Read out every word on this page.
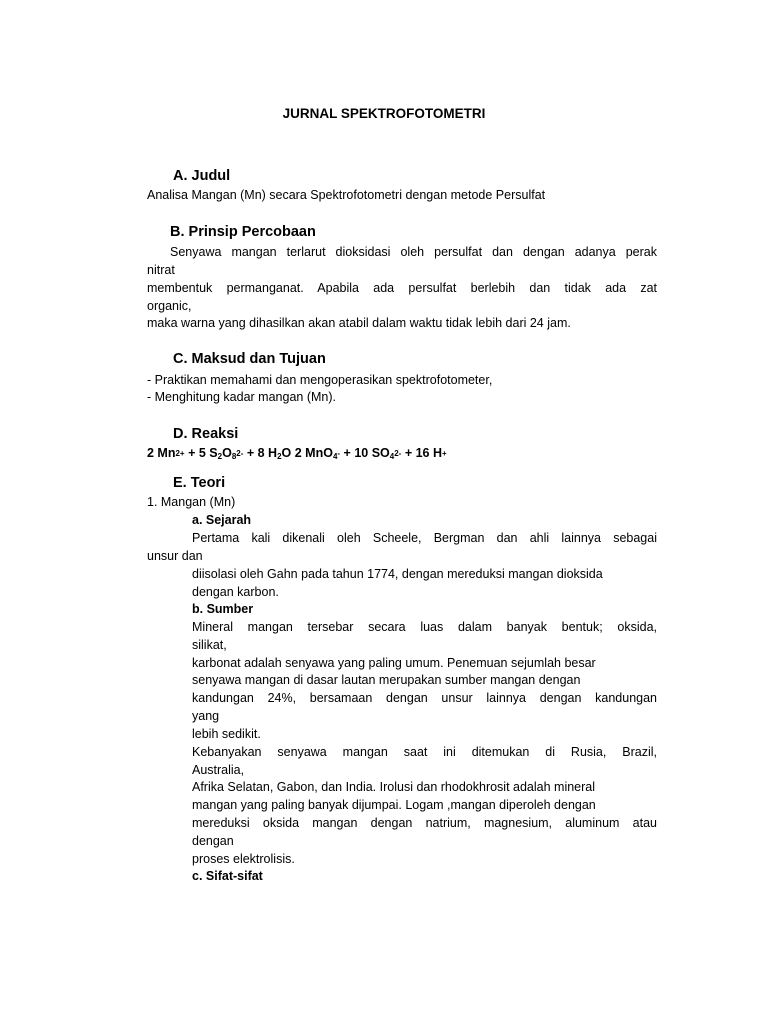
JURNAL SPEKTROFOTOMETRI
A. Judul
Analisa Mangan (Mn) secara Spektrofotometri dengan metode Persulfat
B. Prinsip Percobaan
Senyawa mangan terlarut dioksidasi oleh persulfat dan dengan adanya perak
nitrat
membentuk permanganat. Apabila ada persulfat berlebih dan tidak ada zat
organic,
maka warna yang dihasilkan akan atabil dalam waktu tidak lebih dari 24 jam.
C. Maksud dan Tujuan
- Praktikan memahami dan mengoperasikan spektrofotometer,
- Menghitung kadar mangan (Mn).
D. Reaksi
2 Mn2+ + 5 S2O82- + 8 H2O 2 MnO4- + 10 SO42- + 16 H+
E. Teori
1. Mangan (Mn)
a. Sejarah
Pertama kali dikenali oleh Scheele, Bergman dan ahli lainnya sebagai
unsur dan
diisolasi oleh Gahn pada tahun 1774, dengan mereduksi mangan dioksida
dengan karbon.
b. Sumber
Mineral mangan tersebar secara luas dalam banyak bentuk; oksida,
silikat,
karbonat adalah senyawa yang paling umum. Penemuan sejumlah besar
senyawa mangan di dasar lautan merupakan sumber mangan dengan
kandungan 24%, bersamaan dengan unsur lainnya dengan kandungan
yang
lebih sedikit.
Kebanyakan senyawa mangan saat ini ditemukan di Rusia, Brazil,
Australia,
Afrika Selatan, Gabon, dan India. Irolusi dan rhodokhrosit adalah mineral
mangan yang paling banyak dijumpai. Logam ,mangan diperoleh dengan
mereduksi oksida mangan dengan natrium, magnesium, aluminum atau
dengan
proses elektrolisis.
c. Sifat-sifat
